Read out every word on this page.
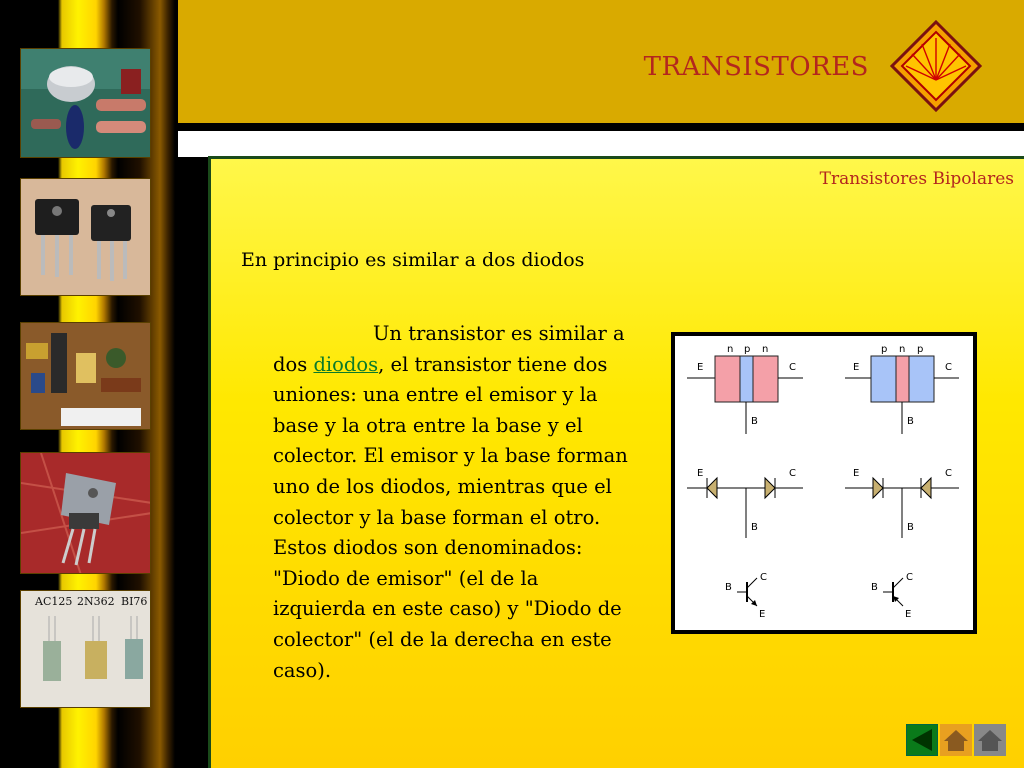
AC125 2N362 BI76
TRANSISTORES
Transistores Bipolares
En principio es similar a dos diodos

Un transistor es similar a dos diodos, el transistor tiene dos uniones: una entre el emisor y la base y la otra entre la base y el colector. El emisor y la base forman uno de los diodos, mientras que el colector y la base forman el otro. Estos diodos son denominados: "Diodo de emisor" (el de la izquierda en este caso) y "Diodo de colector" (el de la derecha en este caso).

n p n
E	C
B
p n p
E	C
B
E	C
B
E	C
B
B
C
E
B
C
E
